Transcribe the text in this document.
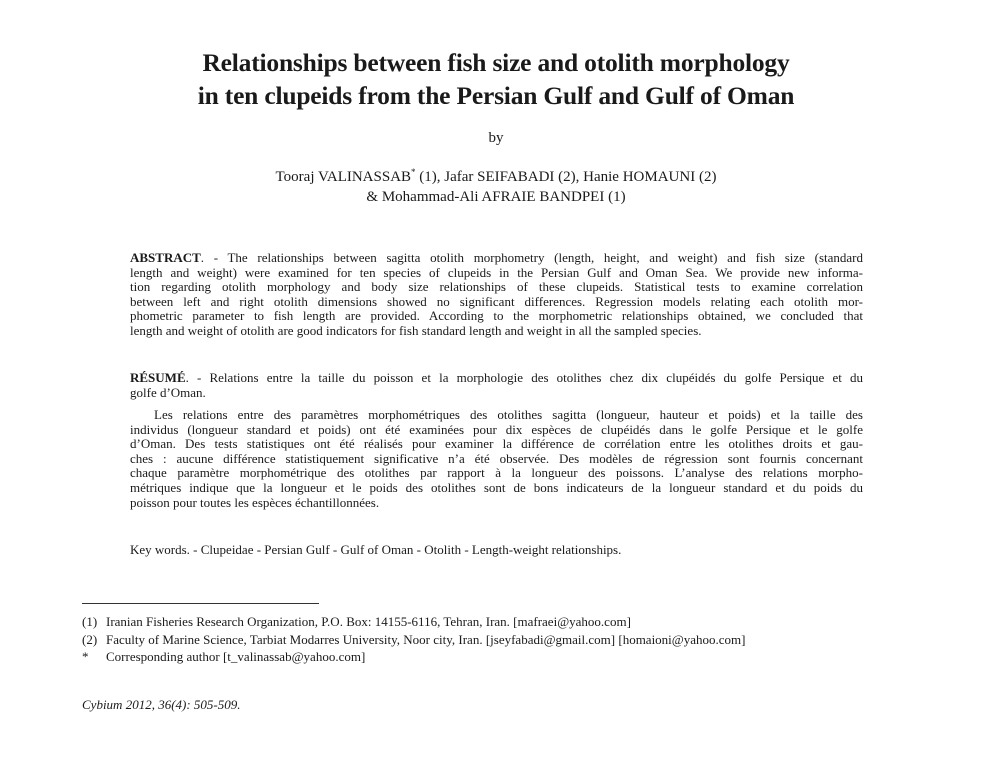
Relationships between fish size and otolith morphology
in ten clupeids from the Persian Gulf and Gulf of Oman
by
Tooraj VALINASSAB* (1), Jafar SEIFABADI (2), Hanie HOMAUNI (2)
& Mohammad-Ali AFRAIE BANDPEI (1)
ABSTRACT. - The relationships between sagitta otolith morphometry (length, height, and weight) and fish size (standard
length and weight) were examined for ten species of clupeids in the Persian Gulf and Oman Sea. We provide new informa-
tion regarding otolith morphology and body size relationships of these clupeids. Statistical tests to examine correlation
between left and right otolith dimensions showed no significant differences. Regression models relating each otolith mor-
phometric parameter to fish length are provided. According to the morphometric relationships obtained, we concluded that
length and weight of otolith are good indicators for fish standard length and weight in all the sampled species.
RÉSUMÉ. - Relations entre la taille du poisson et la morphologie des otolithes chez dix clupéidés du golfe Persique et du
golfe d’Oman.
Les relations entre des paramètres morphométriques des otolithes sagitta (longueur, hauteur et poids) et la taille des
individus (longueur standard et poids) ont été examinées pour dix espèces de clupéidés dans le golfe Persique et le golfe
d’Oman. Des tests statistiques ont été réalisés pour examiner la différence de corrélation entre les otolithes droits et gau-
ches : aucune différence statistiquement significative n’a été observée. Des modèles de régression sont fournis concernant
chaque paramètre morphométrique des otolithes par rapport à la longueur des poissons. L’analyse des relations morpho-
métriques indique que la longueur et le poids des otolithes sont de bons indicateurs de la longueur standard et du poids du
poisson pour toutes les espèces échantillonnées.
Key words. - Clupeidae - Persian Gulf - Gulf of Oman - Otolith - Length-weight relationships.
(1) Iranian Fisheries Research Organization, P.O. Box: 14155-6116, Tehran, Iran. [mafraei@yahoo.com]
(2) Faculty of Marine Science, Tarbiat Modarres University, Noor city, Iran. [jseyfabadi@gmail.com] [homaioni@yahoo.com]
*	Corresponding author [t_valinassab@yahoo.com]
Cybium 2012, 36(4): 505-509.
